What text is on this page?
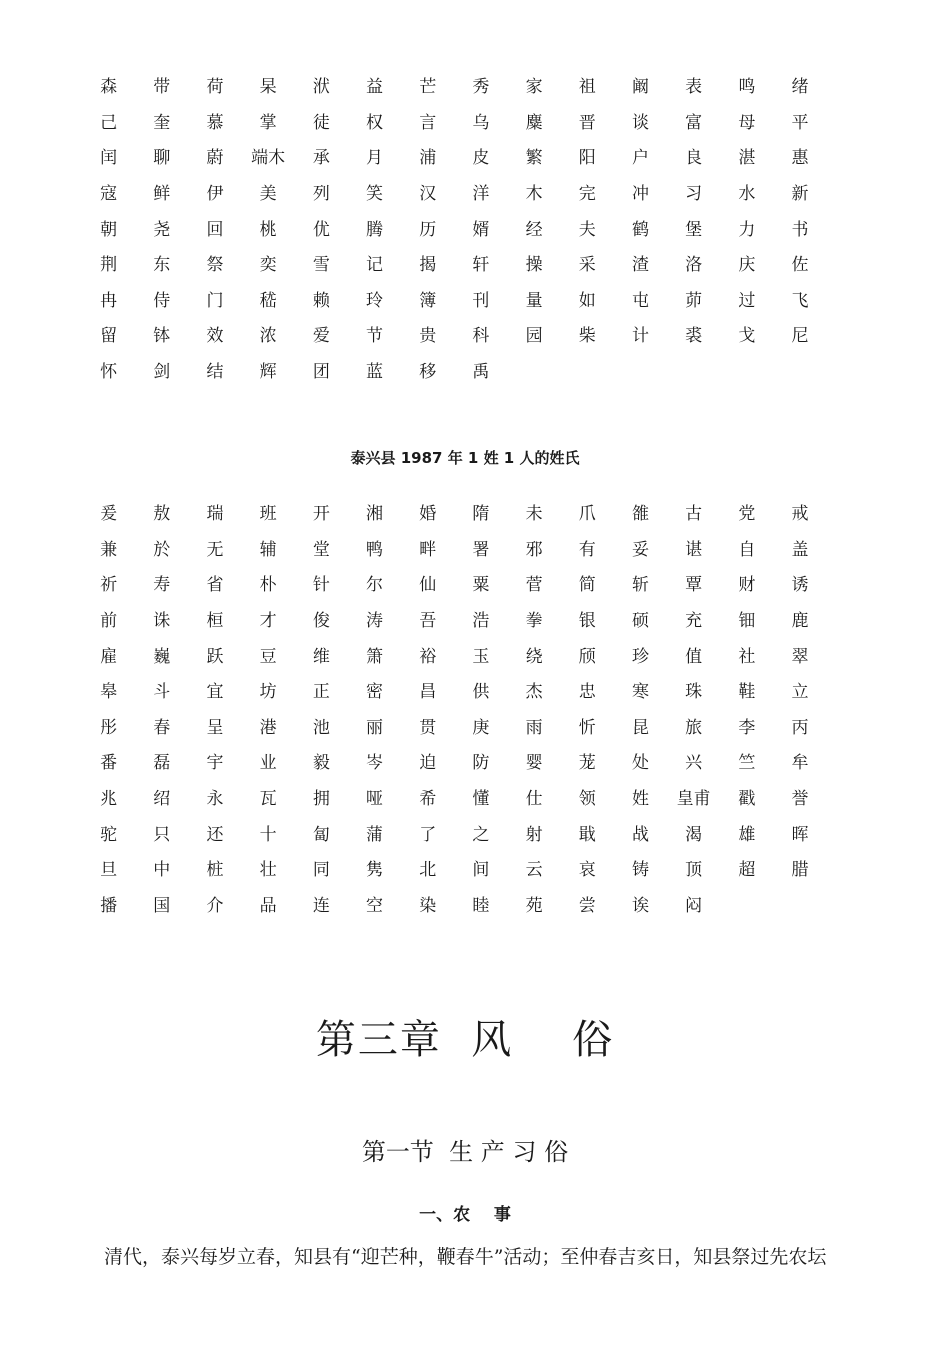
森	带	荷	杲	洑	益	芒	秀	家	祖	阚	表	鸣	绪
己	奎	慕	掌	徒	权	言	乌	麋	晋	谈	富	母	平
闰	聊	蔚	端木	承	月	浦	皮	繁	阳	户	良	湛	惠
寇	鲜	伊	美	列	笑	汉	洋	木	完	冲	习	水	新
朝	尧	回	桃	优	腾	历	婿	经	夫	鹤	堡	力	书
荆	东	祭	奕	雪	记	揭	轩	操	采	渣	洛	庆	佐
冉	侍	门	嵇	赖	玲	簿	刊	量	如	屯	茆	过	飞
留	钵	效	浓	爱	节	贵	科	园	柴	计	裘	戈	尼
怀	剑	结	辉	团	蓝	移	禹
泰兴县 1987 年 1 姓 1 人的姓氏
爰	敖	瑞	班	开	湘	婚	隋	未	爪	雒	古	党	戒
兼	於	无	辅	堂	鸭	畔	署	邪	有	妥	谌	自	盖
祈	寿	省	朴	针	尔	仙	粟	菅	简	斩	覃	财	诱
前	诛	桓	才	俊	涛	吾	浩	拳	银	硕	充	钿	鹿
雇	巍	跃	豆	维	箫	裕	玉	绕	颀	珍	值	社	翠
皋	斗	宜	坊	正	密	昌	供	杰	忠	寒	珠	鞋	立
彤	春	呈	港	池	丽	贯	庚	雨	忻	昆	旅	李	丙
番	磊	宇	业	毅	岑	迫	防	婴	茏	处	兴	竺	牟
兆	绍	永	瓦	拥	哑	希	懂	仕	领	姓	皇甫	戳	誉
驼	只	还	十	匐	蒲	了	之	射	戢	战	渴	雄	晖
旦	中	桩	壮	同	隽	北	间	云	哀	铸	顶	超	腊
播	国	介	品	连	空	染	睦	苑	尝	诶	闷
第三章  风    俗
第一节  生 产 习 俗
一、农    事
清代，泰兴每岁立春，知县有“迎芒种，鞭春牛”活动；至仲春吉亥日，知县祭过先农坛
